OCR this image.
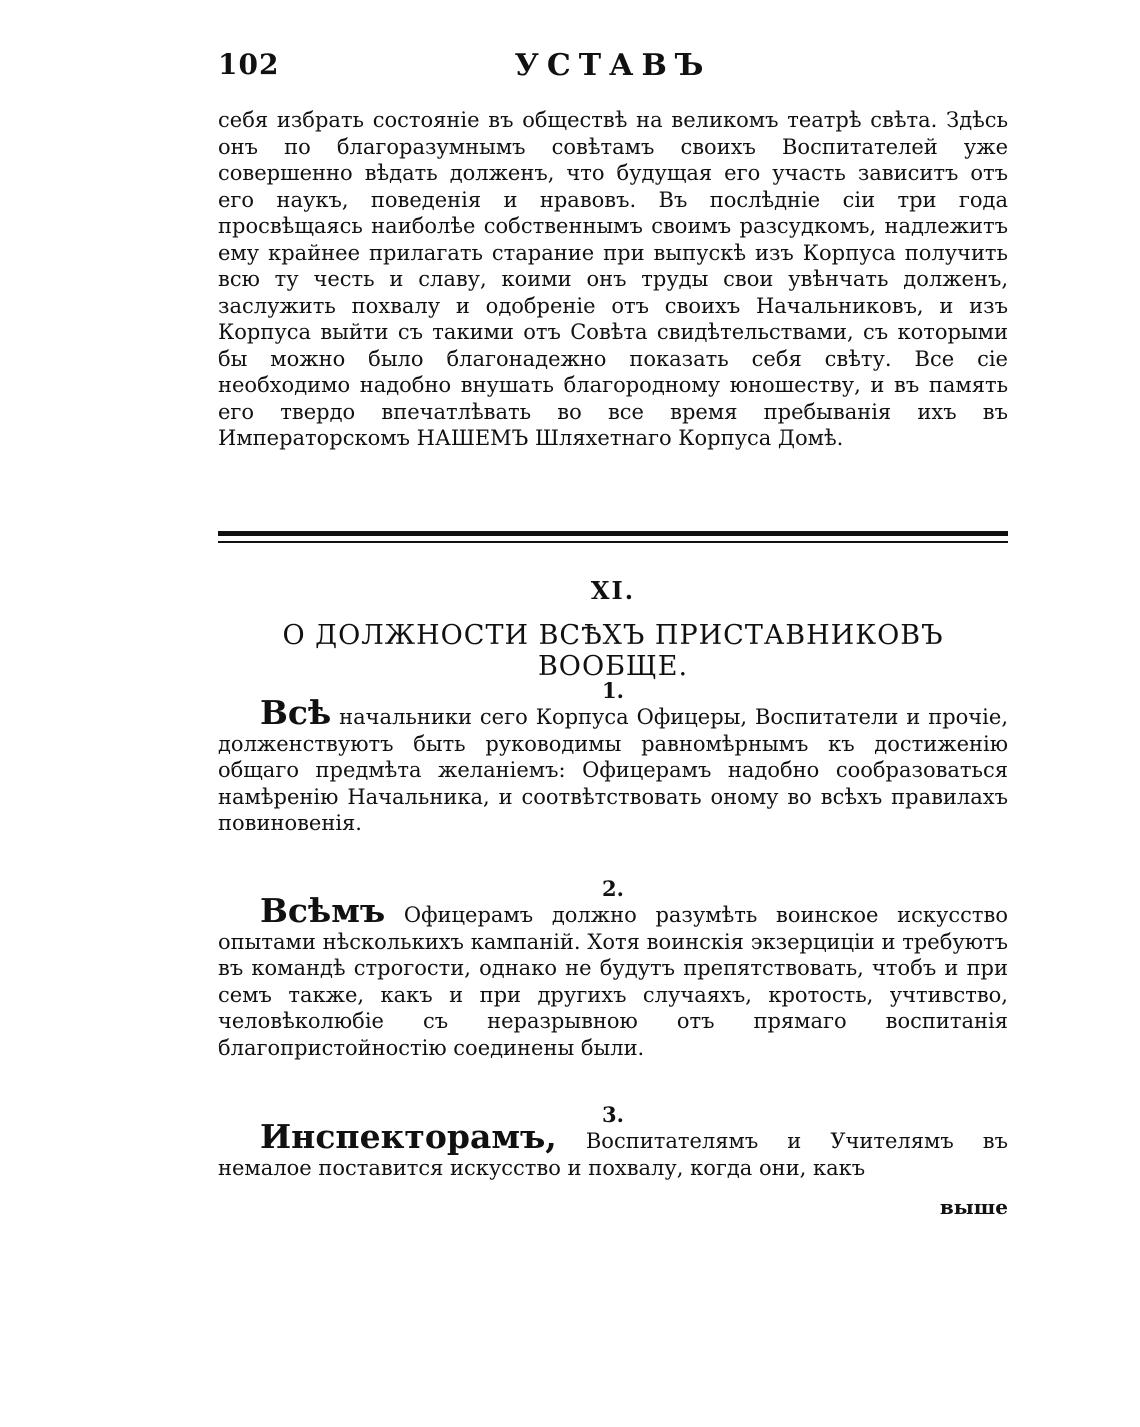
102	УСТАВЪ

себя избрать состояніе въ обществѣ на великомъ театрѣ свѣта. Здѣсь онъ по благоразумнымъ совѣтамъ своихъ Воспитателей уже совершенно вѣдать долженъ, что будущая его участь зависитъ отъ его наукъ, поведенія и нравовъ. Въ послѣдніе сіи три года просвѣщаясь наиболѣе собственнымъ своимъ разсудкомъ, надлежитъ ему крайнее прилагать старание при выпускѣ изъ Корпуса получить всю ту честь и славу, коими онъ труды свои увѣнчать долженъ, заслужить похвалу и одобреніе отъ своихъ Начальниковъ, и изъ Корпуса выйти съ такими отъ Совѣта свидѣтельствами, съ которыми бы можно было благонадежно показать себя свѣту. Все сіе необходимо надобно внушать благородному юношеству, и въ память его твердо впечатлѣвать во все время пребыванія ихъ въ Императорскомъ НАШЕМЪ Шляхетнаго Корпуса Домѣ.

XI.
О ДОЛЖНОСТИ ВСѢХЪ ПРИСТАВНИКОВЪ ВООБЩЕ.
1.

Всѣ начальники сего Корпуса Офицеры, Воспитатели и прочіе, долженствуютъ быть руководимы равномѣрнымъ къ достиженію общаго предмѣта желаніемъ: Офицерамъ надобно сообразоваться намѣренію Начальника, и соотвѣтствовать оному во всѣхъ правилахъ повиновенія.

2.

Всѣмъ Офицерамъ должно разумѣть воинское искусство опытами нѣсколькихъ кампаній. Хотя воинскія экзерциціи и требуютъ въ командѣ строгости, однако не будутъ препятствовать, чтобъ и при семъ также, какъ и при другихъ случаяхъ, кротость, учтивство, человѣколюбіе съ неразрывною отъ прямаго воспитанія благопристойностію соединены были.

3.

Инспекторамъ, Воспитателямъ и Учителямъ въ немалое поставится искусство и похвалу, когда они, какъ

выше
